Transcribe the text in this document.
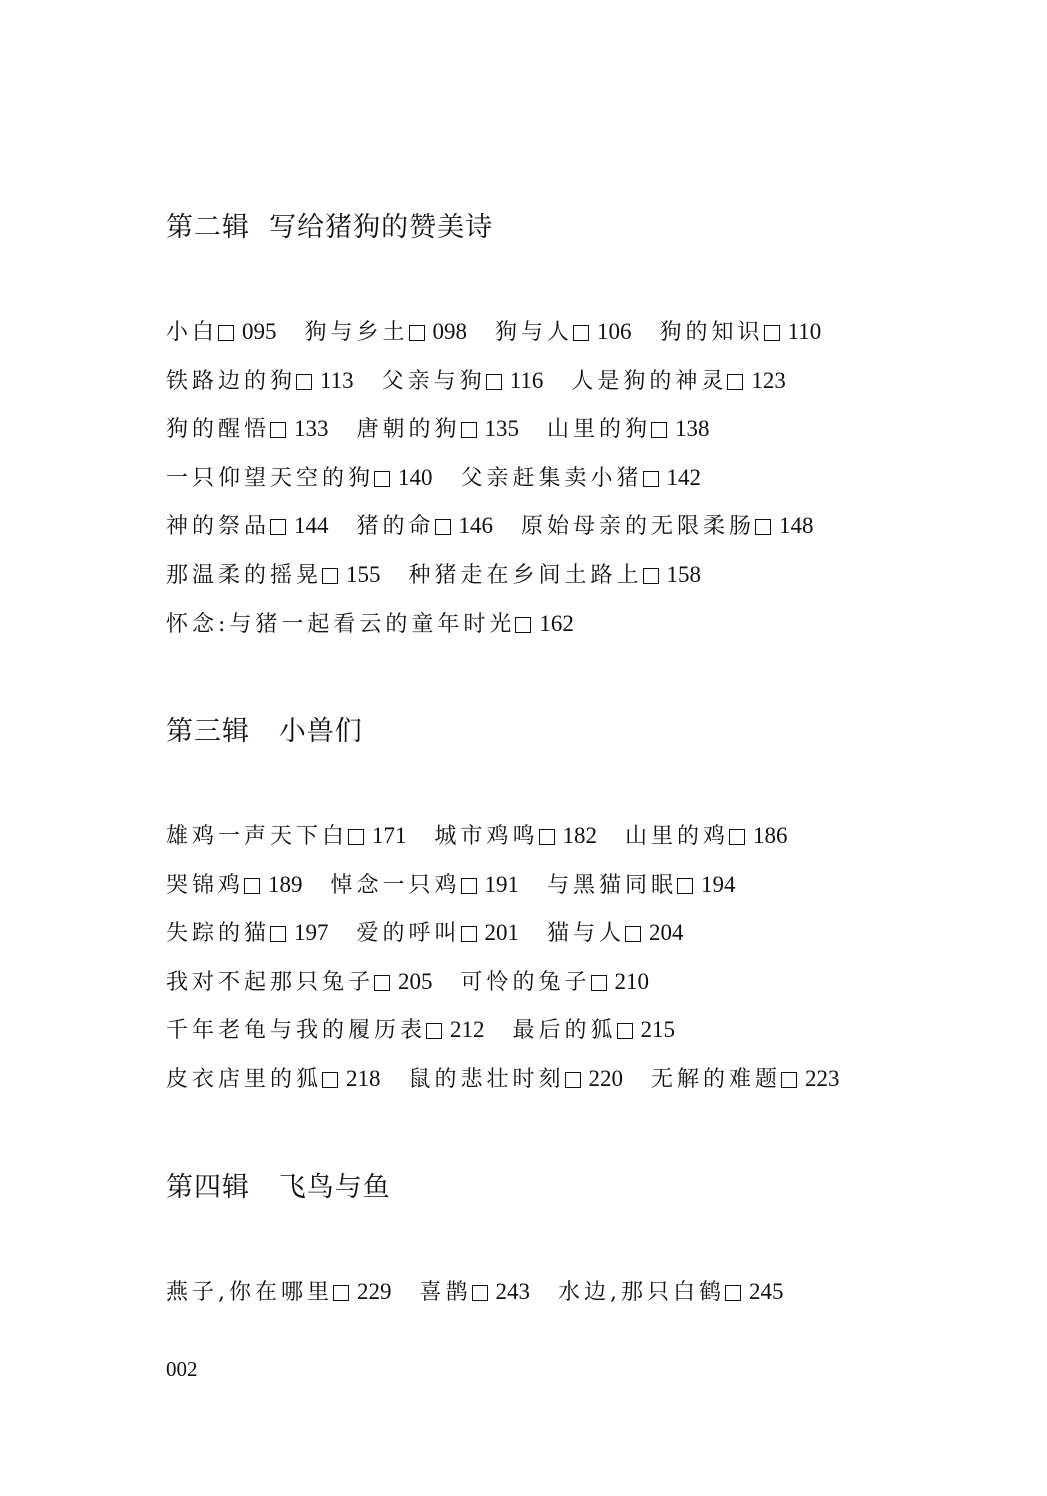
第二辑  写给猪狗的赞美诗
小白 095 狗与乡土 098 狗与人 106 狗的知识 110
铁路边的狗 113 父亲与狗 116 人是狗的神灵 123
狗的醒悟 133 唐朝的狗 135 山里的狗 138
一只仰望天空的狗 140 父亲赶集卖小猪 142
神的祭品 144 猪的命 146 原始母亲的无限柔肠 148
那温柔的摇晃 155 种猪走在乡间土路上 158
怀念:与猪一起看云的童年时光 162
第三辑   小兽们
雄鸡一声天下白 171 城市鸡鸣 182 山里的鸡 186
哭锦鸡 189 悼念一只鸡 191 与黑猫同眠 194
失踪的猫 197 爱的呼叫 201 猫与人 204
我对不起那只兔子 205 可怜的兔子 210
千年老龟与我的履历表 212 最后的狐 215
皮衣店里的狐 218 鼠的悲壮时刻 220 无解的难题 223
第四辑   飞鸟与鱼
燕子,你在哪里 229 喜鹊 243 水边,那只白鹤 245
002
